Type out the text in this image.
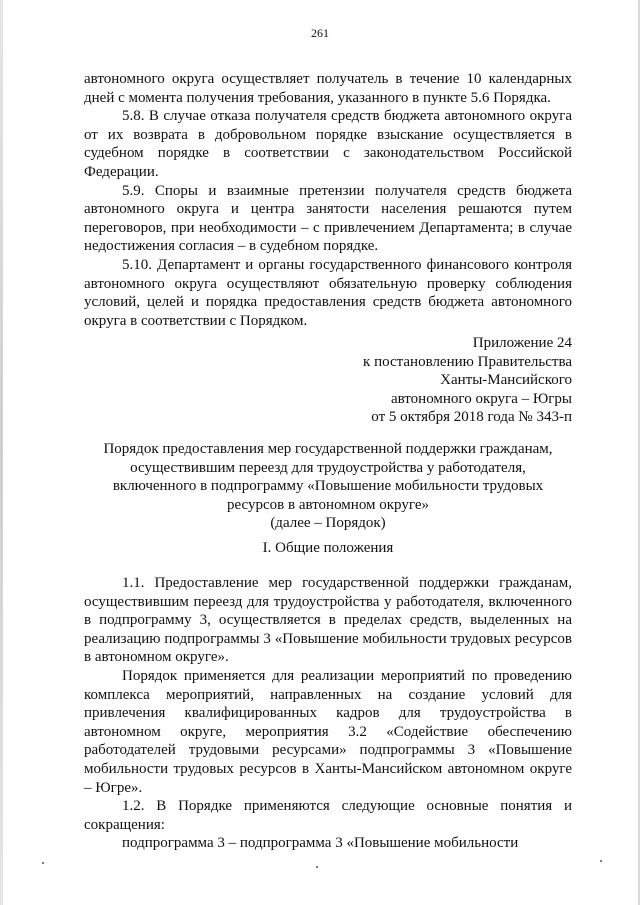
261

автономного округа осуществляет получатель в течение 10 календарных дней с момента получения требования, указанного в пункте 5.6 Порядка.

5.8. В случае отказа получателя средств бюджета автономного округа от их возврата в добровольном порядке взыскание осуществляется в судебном порядке в соответствии с законодательством Российской Федерации.

5.9. Споры и взаимные претензии получателя средств бюджета автономного округа и центра занятости населения решаются путем переговоров, при необходимости – с привлечением Департамента; в случае недостижения согласия – в судебном порядке.

5.10. Департамент и органы государственного финансового контроля автономного округа осуществляют обязательную проверку соблюдения условий, целей и порядка предоставления средств бюджета автономного округа в соответствии с Порядком.

Приложение 24
к постановлению Правительства
Ханты-Мансийского
автономного округа – Югры
от 5 октября 2018 года № 343-п
Порядок предоставления мер государственной поддержки гражданам,
осуществившим переезд для трудоустройства у работодателя,
включенного в подпрограмму «Повышение мобильности трудовых
ресурсов в автономном округе»
(далее – Порядок)
I. Общие положения

1.1. Предоставление мер государственной поддержки гражданам, осуществившим переезд для трудоустройства у работодателя, включенного в подпрограмму 3, осуществляется в пределах средств, выделенных на реализацию подпрограммы 3 «Повышение мобильности трудовых ресурсов в автономном округе».

Порядок применяется для реализации мероприятий по проведению комплекса мероприятий, направленных на создание условий для привлечения квалифицированных кадров для трудоустройства в автономном округе, мероприятия 3.2 «Содействие обеспечению работодателей трудовыми ресурсами» подпрограммы 3 «Повышение мобильности трудовых ресурсов в Ханты-Мансийском автономном округе – Югре».

1.2. В Порядке применяются следующие основные понятия и сокращения:

подпрограмма 3 – подпрограмма 3 «Повышение мобильности
